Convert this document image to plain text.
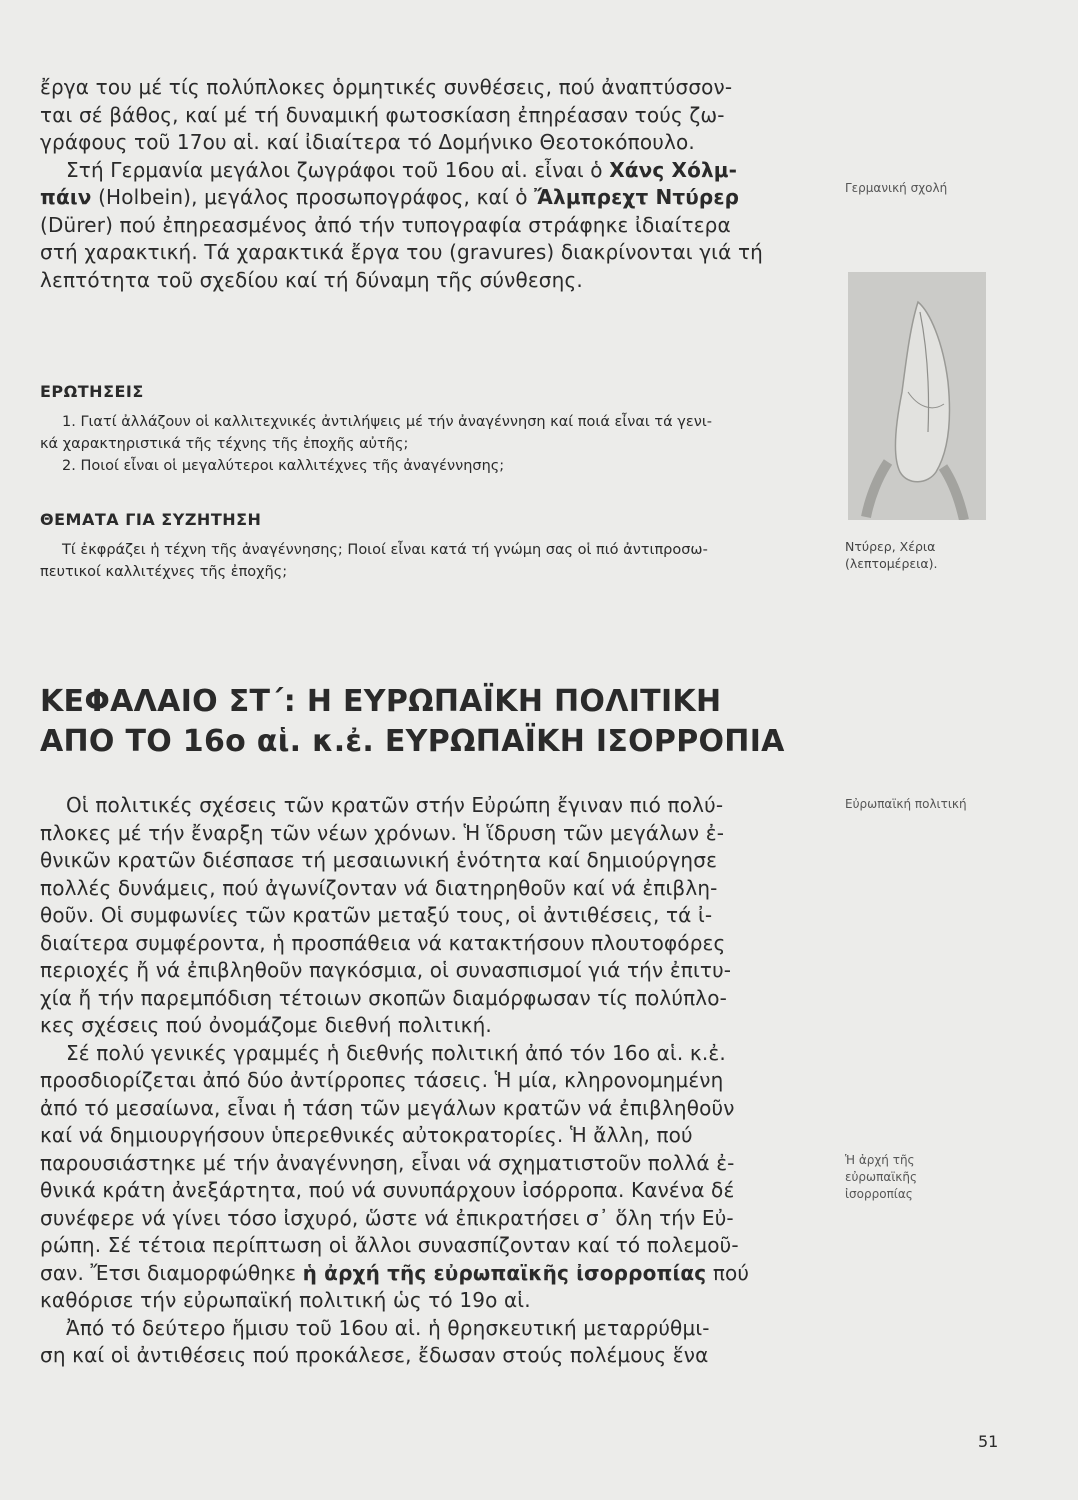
ἔργα του μέ τίς πολύπλοκες ὁρμητικές συνθέσεις, πού ἀναπτύσσον-

ται σέ βάθος, καί μέ τή δυναμική φωτοσκίαση ἐπηρέασαν τούς ζω-

γράφους τοῦ 17ου αἱ. καί ἰδιαίτερα τό Δομήνικο Θεοτοκόπουλο.

Στή Γερμανία μεγάλοι ζωγράφοι τοῦ 16ου αἱ. εἶναι ὁ Χάνς Χόλμ-

πάιν (Holbein), μεγάλος προσωπογράφος, καί ὁ Ἄλμπρεχτ Ντύρερ

(Dürer) πού ἐπηρεασμένος ἀπό τήν τυπογραφία στράφηκε ἰδιαίτερα

στή χαρακτική. Τά χαρακτικά ἔργα του (gravures) διακρίνονται γιά τή

λεπτότητα τοῦ σχεδίου καί τή δύναμη τῆς σύνθεσης.

ΕΡΩΤΗΣΕΙΣ

1. Γιατί ἀλλάζουν οἱ καλλιτεχνικές ἀντιλήψεις μέ τήν ἀναγέννηση καί ποιά εἶναι τά γενι-

κά χαρακτηριστικά τῆς τέχνης τῆς ἐποχῆς αὐτῆς;

2. Ποιοί εἶναι οἱ μεγαλύτεροι καλλιτέχνες τῆς ἀναγέννησης;

ΘΕΜΑΤΑ ΓΙΑ ΣΥΖΗΤΗΣΗ

Τί ἐκφράζει ἡ τέχνη τῆς ἀναγέννησης; Ποιοί εἶναι κατά τή γνώμη σας οἱ πιό ἀντιπροσω-

πευτικοί καλλιτέχνες τῆς ἐποχῆς;

ΚΕΦΑΛΑΙΟ ΣΤ΄: Η ΕΥΡΩΠΑΪΚΗ ΠΟΛΙΤΙΚΗ

ΑΠΟ ΤΟ 16ο αἱ. κ.ἐ. ΕΥΡΩΠΑΪΚΗ ΙΣΟΡΡΟΠΙΑ

Οἱ πολιτικές σχέσεις τῶν κρατῶν στήν Εὐρώπη ἔγιναν πιό πολύ-

πλοκες μέ τήν ἔναρξη τῶν νέων χρόνων. Ἡ ἵδρυση τῶν μεγάλων ἐ-

θνικῶν κρατῶν διέσπασε τή μεσαιωνική ἑνότητα καί δημιούργησε

πολλές δυνάμεις, πού ἀγωνίζονταν νά διατηρηθοῦν καί νά ἐπιβλη-

θοῦν. Οἱ συμφωνίες τῶν κρατῶν μεταξύ τους, οἱ ἀντιθέσεις, τά ἰ-

διαίτερα συμφέροντα, ἡ προσπάθεια νά κατακτήσουν πλουτοφόρες

περιοχές ἤ νά ἐπιβληθοῦν παγκόσμια, οἱ συνασπισμοί γιά τήν ἐπιτυ-

χία ἤ τήν παρεμπόδιση τέτοιων σκοπῶν διαμόρφωσαν τίς πολύπλο-

κες σχέσεις πού ὀνομάζομε διεθνή πολιτική.

Σέ πολύ γενικές γραμμές ἡ διεθνής πολιτική ἀπό τόν 16ο αἱ. κ.ἐ.

προσδιορίζεται ἀπό δύο ἀντίρροπες τάσεις. Ἡ μία, κληρονομημένη

ἀπό τό μεσαίωνα, εἶναι ἡ τάση τῶν μεγάλων κρατῶν νά ἐπιβληθοῦν

καί νά δημιουργήσουν ὑπερεθνικές αὐτοκρατορίες. Ἡ ἄλλη, πού

παρουσιάστηκε μέ τήν ἀναγέννηση, εἶναι νά σχηματιστοῦν πολλά ἐ-

θνικά κράτη ἀνεξάρτητα, πού νά συνυπάρχουν ἰσόρροπα. Κανένα δέ

συνέφερε νά γίνει τόσο ἰσχυρό, ὥστε νά ἐπικρατήσει σ᾿ ὅλη τήν Εὐ-

ρώπη. Σέ τέτοια περίπτωση οἱ ἄλλοι συνασπίζονταν καί τό πολεμοῦ-

σαν. Ἔτσι διαμορφώθηκε ἡ ἀρχή τῆς εὐρωπαϊκῆς ἰσορροπίας πού

καθόρισε τήν εὐρωπαϊκή πολιτική ὡς τό 19ο αἱ.

Ἀπό τό δεύτερο ἥμισυ τοῦ 16ου αἱ. ἡ θρησκευτική μεταρρύθμι-

ση καί οἱ ἀντιθέσεις πού προκάλεσε, ἔδωσαν στούς πολέμους ἕνα

Γερμανική σχολή
Ντύρερ, Χέρια
(λεπτομέρεια).
Εὐρωπαϊκή πολιτική
Ἡ ἀρχή τῆς
εὐρωπαϊκῆς
ἰσορροπίας
51
